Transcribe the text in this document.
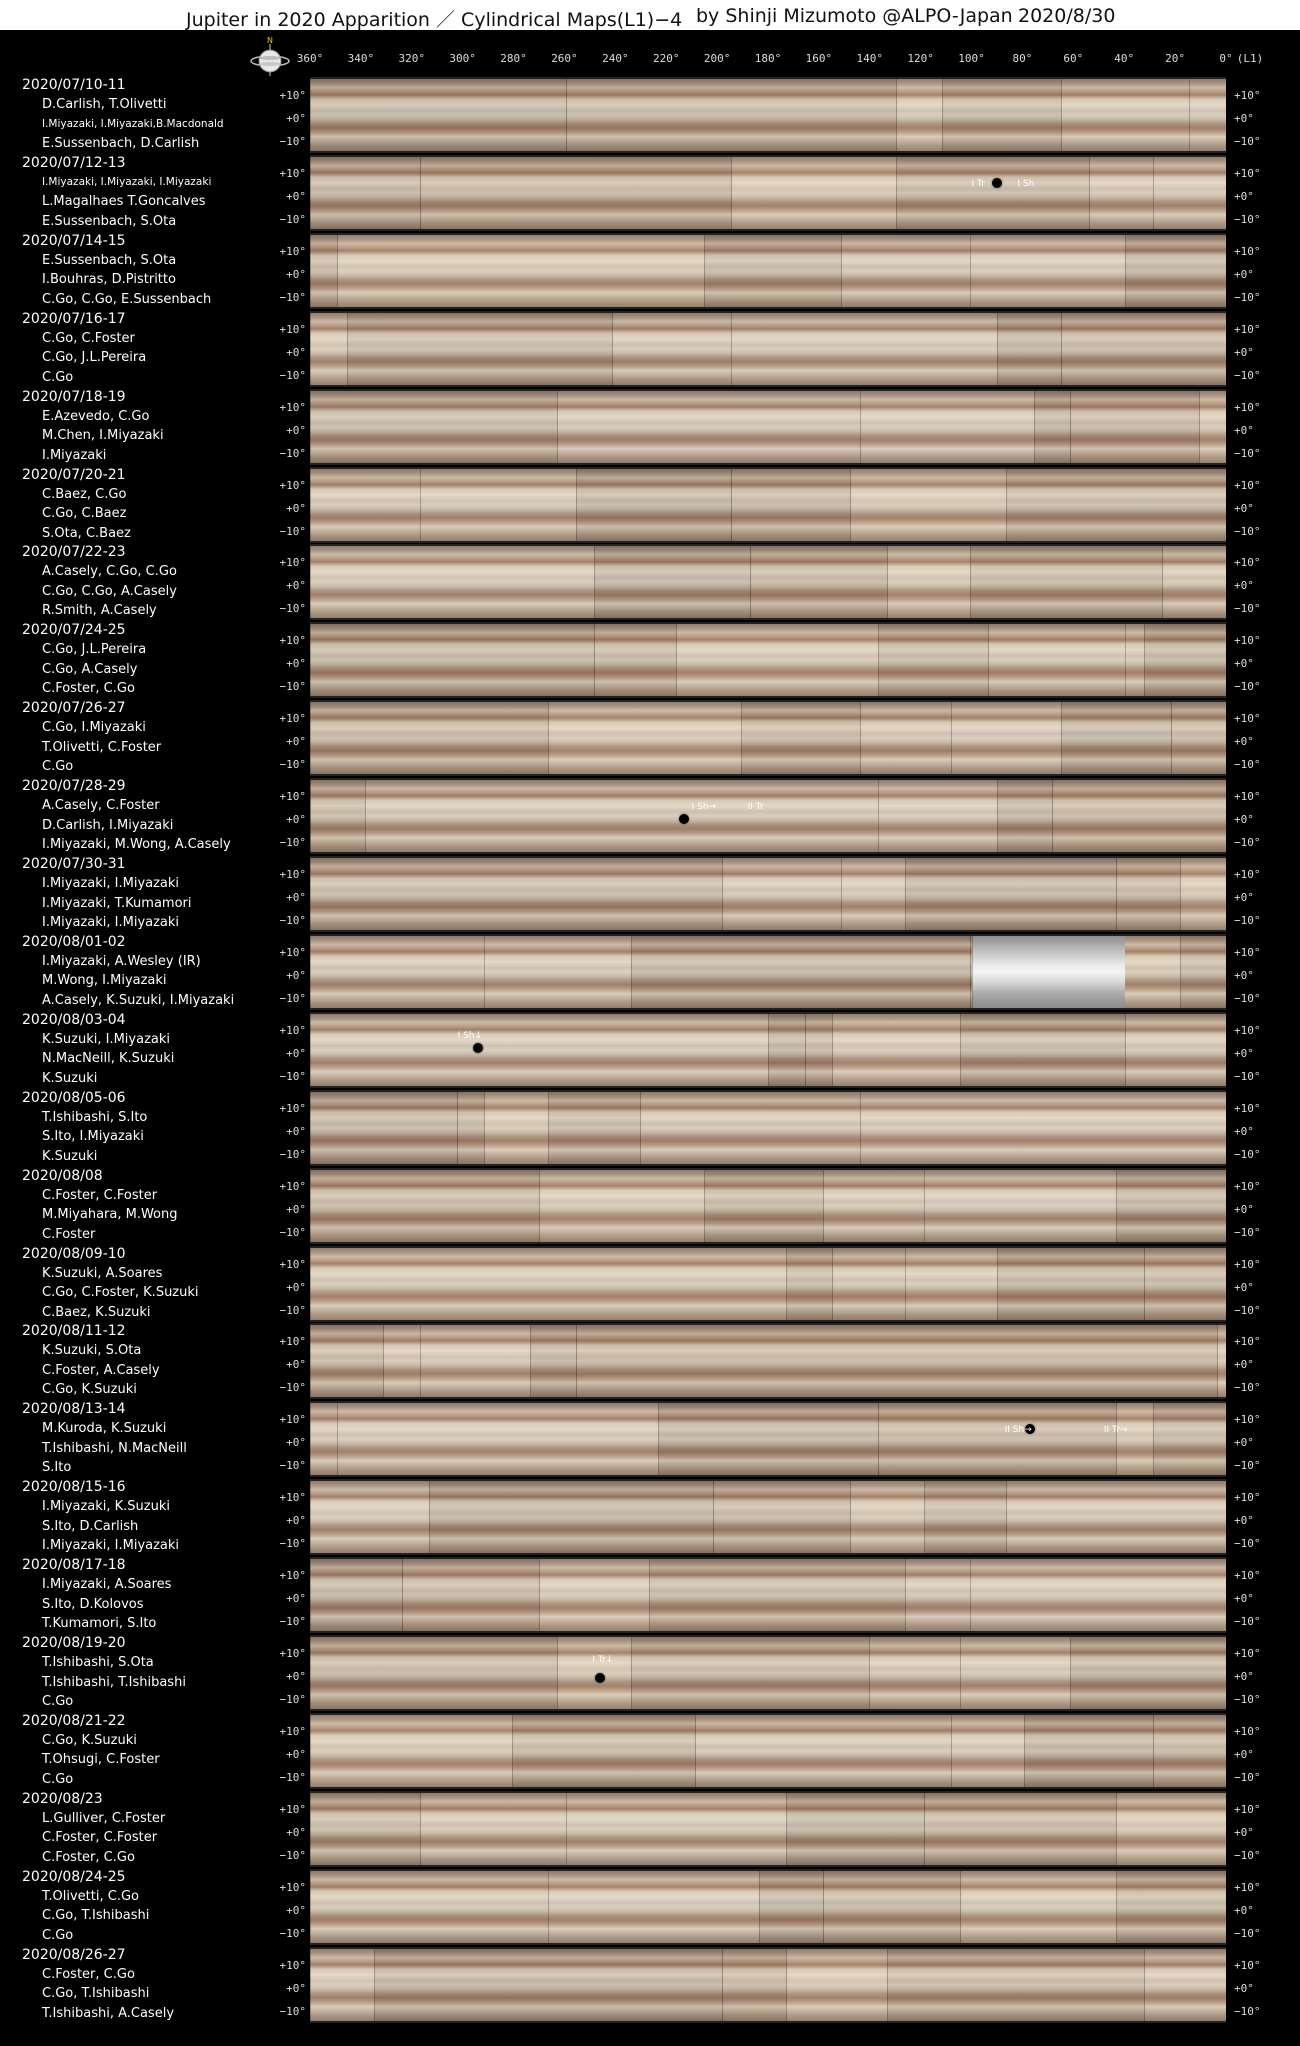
Jupiter in 2020 Apparition ／ Cylindrical Maps(L1)−4 by Shinji Mizumoto @ALPO-Japan 2020/8/30
N
360° 340° 320° 300° 280° 260° 240° 220° 200° 180° 160° 140° 120° 100°	80°	60°	40°	20°	0° (L1)
2020/07/10-11
D.Carlish, T.Olivetti
I.Miyazaki, I.Miyazaki,B.Macdonald
E.Sussenbach, D.Carlish
+10°	+10°
+0°	+0°
−10°	−10°
2020/07/12-13
I.Miyazaki, I.Miyazaki, I.Miyazaki
L.Magalhaes T.Goncalves
E.Sussenbach, S.Ota
I Tr	I Sh
+10°	+10°
+0°	+0°
−10°	−10°
2020/07/14-15
E.Sussenbach, S.Ota
I.Bouhras, D.Pistritto
C.Go, C.Go, E.Sussenbach
+10°	+10°
+0°	+0°
−10°	−10°
2020/07/16-17
C.Go, C.Foster
C.Go, J.L.Pereira
C.Go
+10°	+10°
+0°	+0°
−10°	−10°
2020/07/18-19
E.Azevedo, C.Go
M.Chen, I.Miyazaki
I.Miyazaki
+10°	+10°
+0°	+0°
−10°	−10°
2020/07/20-21
C.Baez, C.Go
C.Go, C.Baez
S.Ota, C.Baez
+10°	+10°
+0°	+0°
−10°	−10°
2020/07/22-23
A.Casely, C.Go, C.Go
C.Go, C.Go, A.Casely
R.Smith, A.Casely
+10°	+10°
+0°	+0°
−10°	−10°
2020/07/24-25
C.Go, J.L.Pereira
C.Go, A.Casely
C.Foster, C.Go
+10°	+10°
+0°	+0°
−10°	−10°
2020/07/26-27
C.Go, I.Miyazaki
T.Olivetti, C.Foster
C.Go
+10°	+10°
+0°	+0°
−10°	−10°
2020/07/28-29
A.Casely, C.Foster
D.Carlish, I.Miyazaki
I.Miyazaki, M.Wong, A.Casely
I Sh→	II Tr
+10°	+10°
+0°	+0°
−10°	−10°
2020/07/30-31
I.Miyazaki, I.Miyazaki
I.Miyazaki, T.Kumamori
I.Miyazaki, I.Miyazaki
+10°	+10°
+0°	+0°
−10°	−10°
2020/08/01-02
I.Miyazaki, A.Wesley (IR)
M.Wong, I.Miyazaki
A.Casely, K.Suzuki, I.Miyazaki
+10°	+10°
+0°	+0°
−10°	−10°
2020/08/03-04
K.Suzuki, I.Miyazaki
N.MacNeill, K.Suzuki
K.Suzuki
I Sh↓
+10°	+10°
+0°	+0°
−10°	−10°
2020/08/05-06
T.Ishibashi, S.Ito
S.Ito, I.Miyazaki
K.Suzuki
+10°	+10°
+0°	+0°
−10°	−10°
2020/08/08
C.Foster, C.Foster
M.Miyahara, M.Wong
C.Foster
+10°	+10°
+0°	+0°
−10°	−10°
2020/08/09-10
K.Suzuki, A.Soares
C.Go, C.Foster, K.Suzuki
C.Baez, K.Suzuki
+10°	+10°
+0°	+0°
−10°	−10°
2020/08/11-12
K.Suzuki, S.Ota
C.Foster, A.Casely
C.Go, K.Suzuki
+10°	+10°
+0°	+0°
−10°	−10°
2020/08/13-14
M.Kuroda, K.Suzuki
T.Ishibashi, N.MacNeill
S.Ito
II Sh→	II Tr→
+10°	+10°
+0°	+0°
−10°	−10°
2020/08/15-16
I.Miyazaki, K.Suzuki
S.Ito, D.Carlish
I.Miyazaki, I.Miyazaki
+10°	+10°
+0°	+0°
−10°	−10°
2020/08/17-18
I.Miyazaki, A.Soares
S.Ito, D.Kolovos
T.Kumamori, S.Ito
+10°	+10°
+0°	+0°
−10°	−10°
2020/08/19-20
T.Ishibashi, S.Ota
T.Ishibashi, T.Ishibashi
C.Go
I Tr↓
+10°	+10°
+0°	+0°
−10°	−10°
2020/08/21-22
C.Go, K.Suzuki
T.Ohsugi, C.Foster
C.Go
+10°	+10°
+0°	+0°
−10°	−10°
2020/08/23
L.Gulliver, C.Foster
C.Foster, C.Foster
C.Foster, C.Go
+10°	+10°
+0°	+0°
−10°	−10°
2020/08/24-25
T.Olivetti, C.Go
C.Go, T.Ishibashi
C.Go
+10°	+10°
+0°	+0°
−10°	−10°
2020/08/26-27
C.Foster, C.Go
C.Go, T.Ishibashi
T.Ishibashi, A.Casely
+10°	+10°
+0°	+0°
−10°	−10°
